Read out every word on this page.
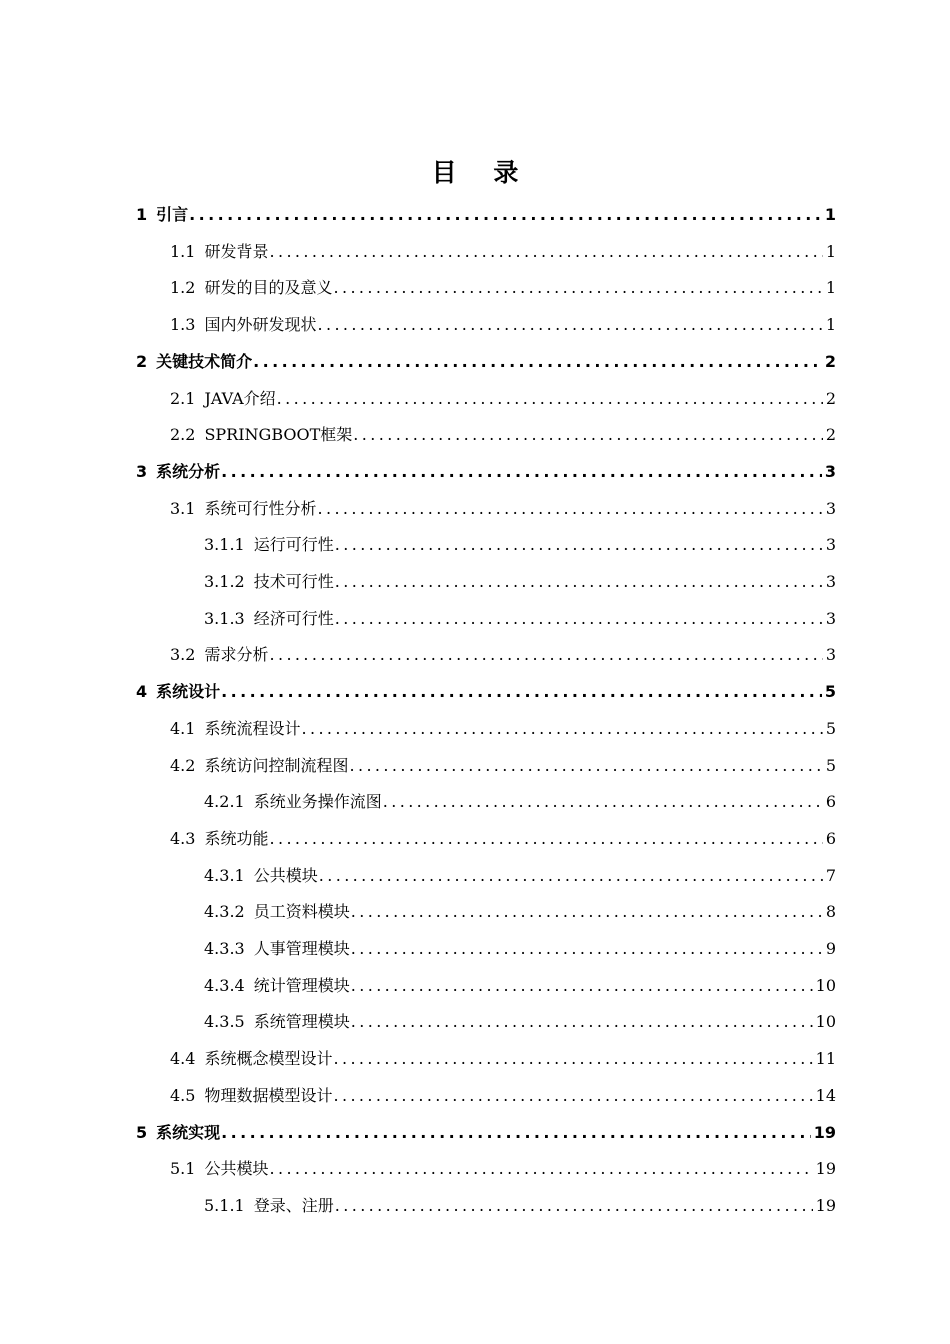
目 录
1 引言 .....	1
1.1 研发背景 .....	1
1.2 研发的目的及意义 .....	1
1.3 国内外研发现状 .....	1
2 关键技术简介 .....	2
2.1 JAVA介绍 .....	2
2.2 SPRINGBOOT框架 .....	2
3 系统分析 .....	3
3.1 系统可行性分析 .....	3
3.1.1 运行可行性 .....	3
3.1.2 技术可行性 .....	3
3.1.3 经济可行性 .....	3
3.2 需求分析 .....	3
4 系统设计 .....	5
4.1 系统流程设计 .....	5
4.2 系统访问控制流程图 .....	5
4.2.1 系统业务操作流图 .....	6
4.3 系统功能 .....	6
4.3.1 公共模块 .....	7
4.3.2 员工资料模块 .....	8
4.3.3 人事管理模块 .....	9
4.3.4 统计管理模块 .....	10
4.3.5 系统管理模块 .....	10
4.4 系统概念模型设计 .....	11
4.5 物理数据模型设计 .....	14
5 系统实现 .....	19
5.1 公共模块 .....	19
5.1.1 登录、注册 .....	19
